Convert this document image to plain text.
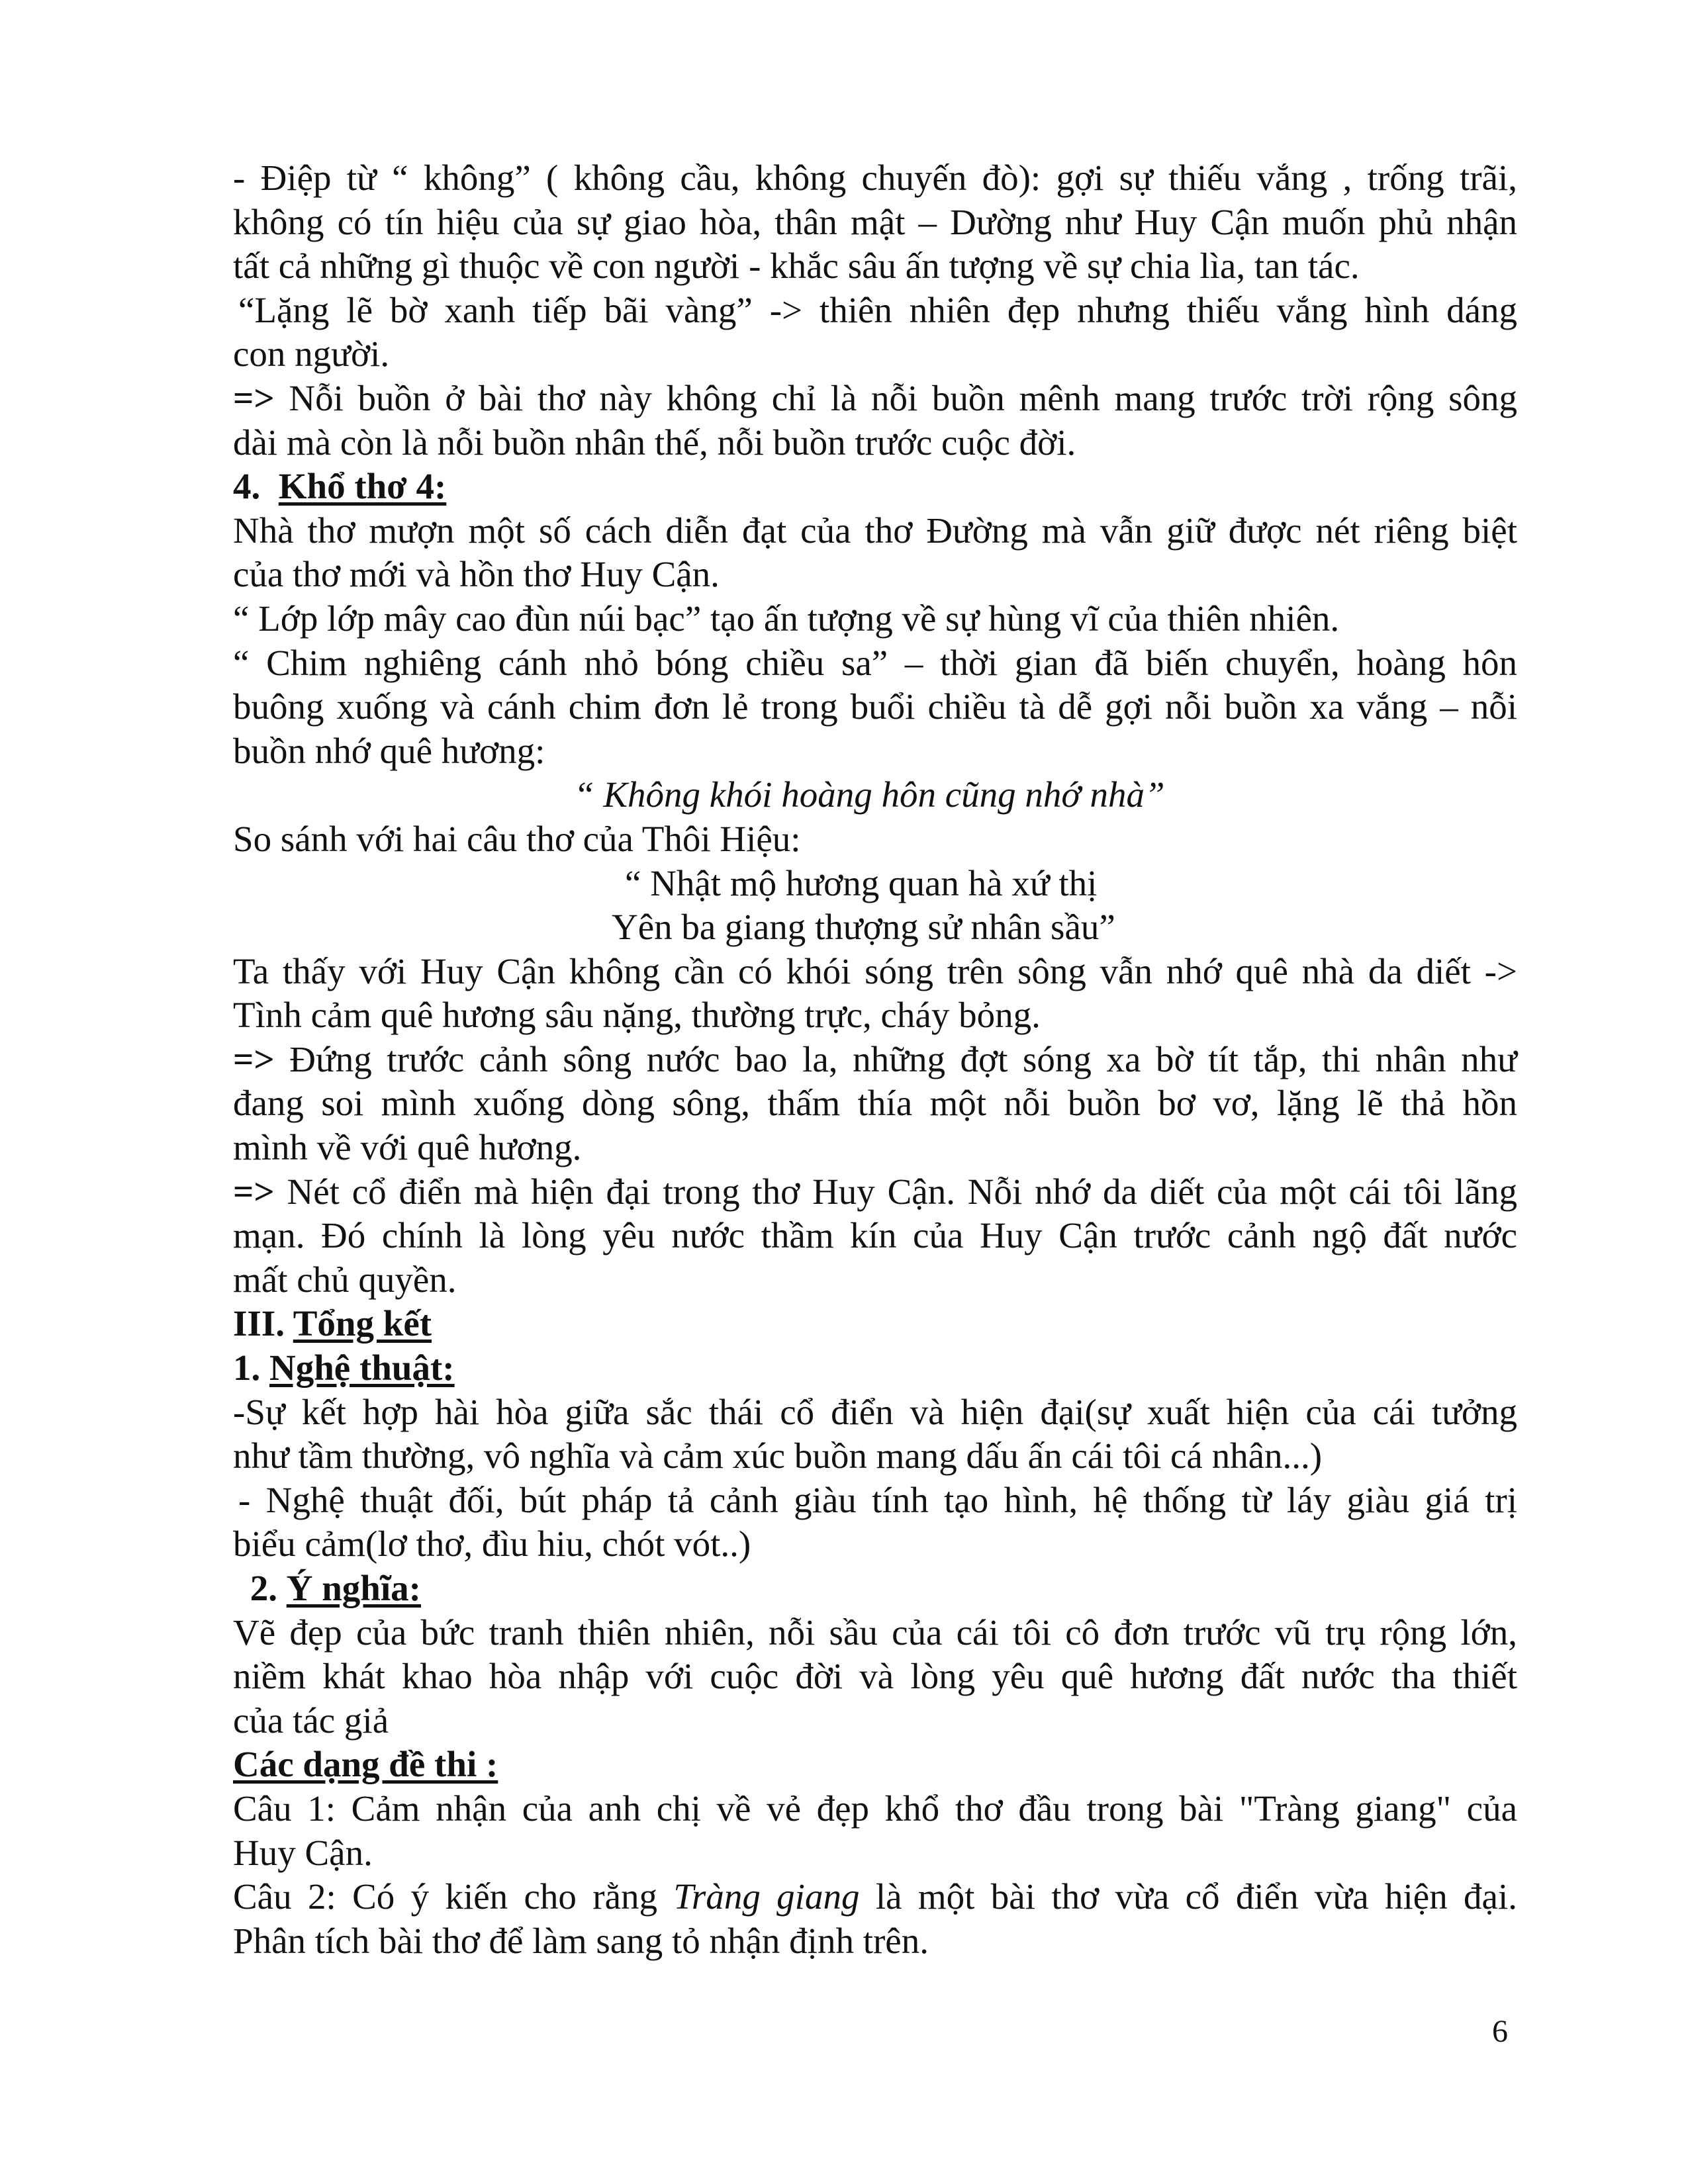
- Điệp từ “ không” ( không cầu, không chuyến đò): gợi sự thiếu vắng , trống trãi,

không có tín hiệu của sự giao hòa, thân mật – Dường như Huy Cận muốn phủ nhận

tất cả những gì thuộc về con người - khắc sâu ấn tượng về sự chia lìa, tan tác.

“Lặng lẽ bờ xanh tiếp bãi vàng” -> thiên nhiên đẹp nhưng thiếu vắng hình dáng

con người.

=> Nỗi buồn ở bài thơ này không chỉ là nỗi buồn mênh mang trước trời rộng sông

dài mà còn là nỗi buồn nhân thế, nỗi buồn trước cuộc đời.

4. Khổ thơ 4:

Nhà thơ mượn một số cách diễn đạt của thơ Đường mà vẫn giữ được nét riêng biệt

của thơ mới và hồn thơ Huy Cận.

“ Lớp lớp mây cao đùn núi bạc” tạo ấn tượng về sự hùng vĩ của thiên nhiên.

“ Chim nghiêng cánh nhỏ bóng chiều sa” – thời gian đã biến chuyển, hoàng hôn

buông xuống và cánh chim đơn lẻ trong buổi chiều tà dễ gợi nỗi buồn xa vắng – nỗi

buồn nhớ quê hương:

“ Không khói hoàng hôn cũng nhớ nhà”

So sánh với hai câu thơ của Thôi Hiệu:

“ Nhật mộ hương quan hà xứ thị

Yên ba giang thượng sử nhân sầu”

Ta thấy với Huy Cận không cần có khói sóng trên sông vẫn nhớ quê nhà da diết ->

Tình cảm quê hương sâu nặng, thường trực, cháy bỏng.

=> Đứng trước cảnh sông nước bao la, những đợt sóng xa bờ tít tắp, thi nhân như

đang soi mình xuống dòng sông, thấm thía một nỗi buồn bơ vơ, lặng lẽ thả hồn

mình về với quê hương.

=> Nét cổ điển mà hiện đại trong thơ Huy Cận. Nỗi nhớ da diết của một cái tôi lãng

mạn. Đó chính là lòng yêu nước thầm kín của Huy Cận trước cảnh ngộ đất nước

mất chủ quyền.

III. Tổng kết

1. Nghệ thuật:

-Sự kết hợp hài hòa giữa sắc thái cổ điển và hiện đại(sự xuất hiện của cái tưởng

như tầm thường, vô nghĩa và cảm xúc buồn mang dấu ấn cái tôi cá nhân...)

- Nghệ thuật đối, bút pháp tả cảnh giàu tính tạo hình, hệ thống từ láy giàu giá trị

biểu cảm(lơ thơ, đìu hiu, chót vót..)

2. Ý nghĩa:

Vẽ đẹp của bức tranh thiên nhiên, nỗi sầu của cái tôi cô đơn trước vũ trụ rộng lớn,

niềm khát khao hòa nhập với cuộc đời và lòng yêu quê hương đất nước tha thiết

của tác giả

Các dạng đề thi :

Câu 1: Cảm nhận của anh chị về vẻ đẹp khổ thơ đầu trong bài "Tràng giang" của

Huy Cận.

Câu 2: Có ý kiến cho rằng Tràng giang là một bài thơ vừa cổ điển vừa hiện đại.

Phân tích bài thơ để làm sang tỏ nhận định trên.

6
